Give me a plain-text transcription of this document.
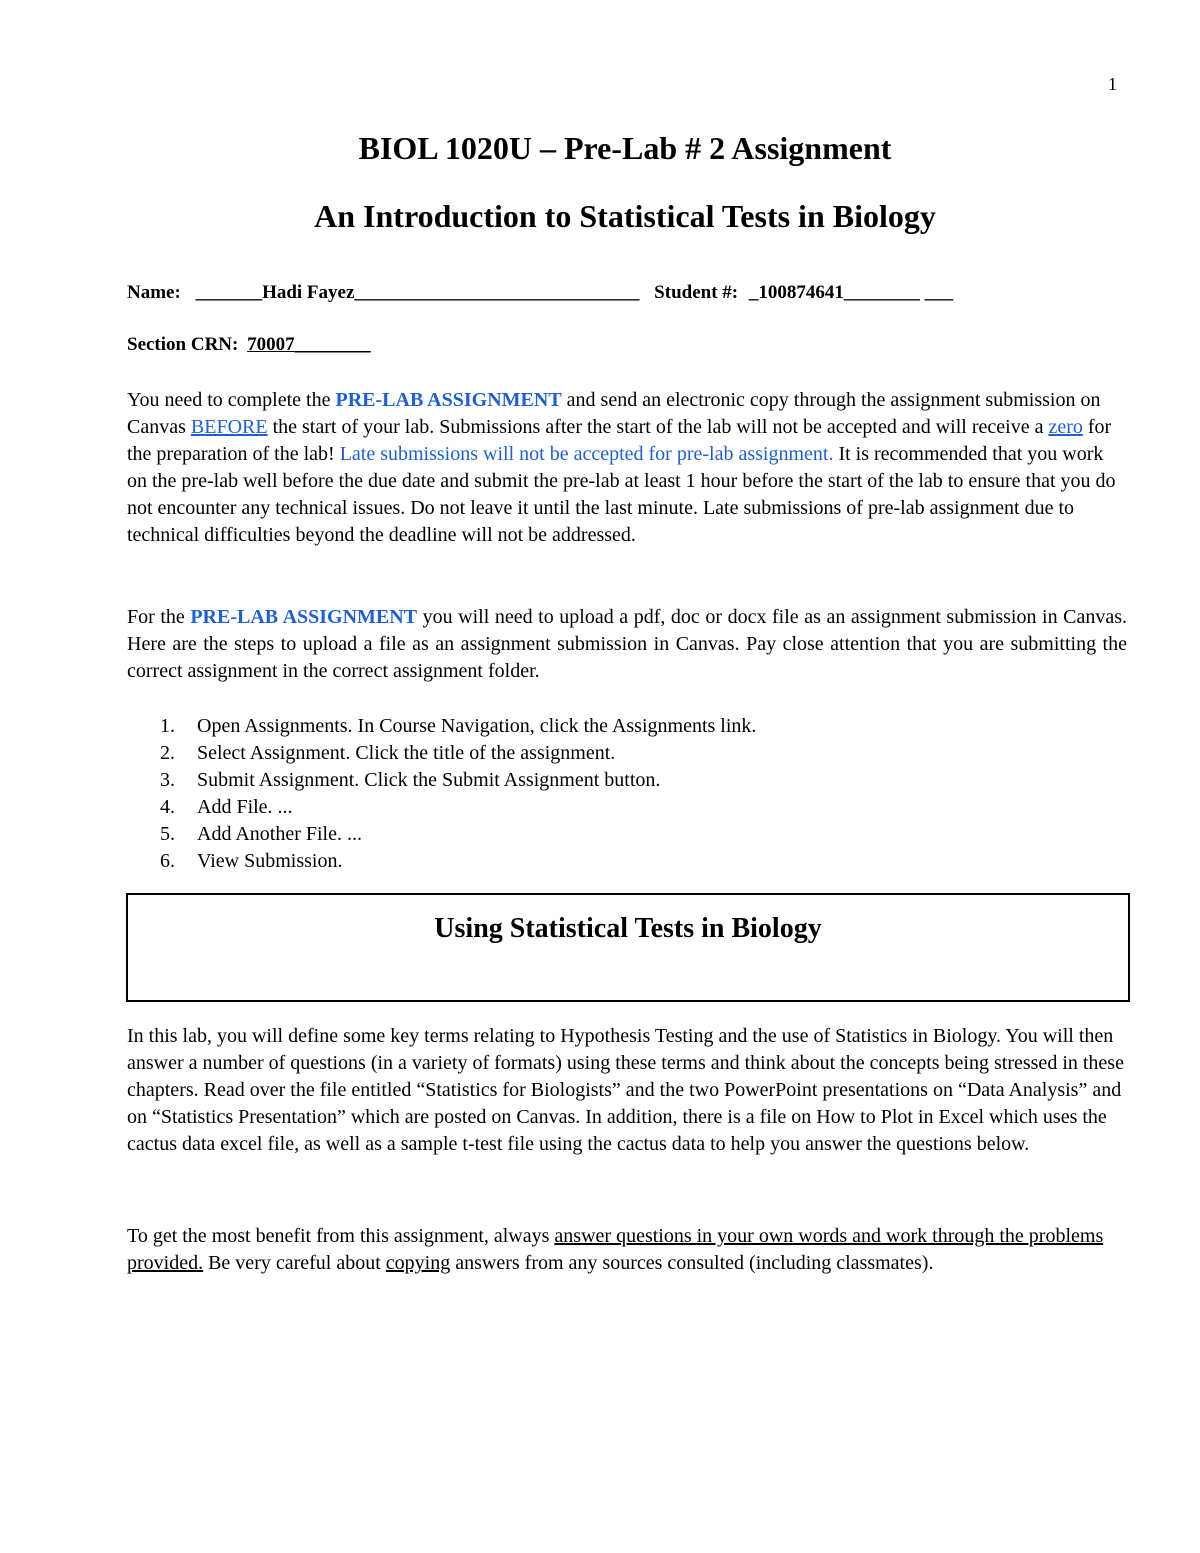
1
BIOL 1020U – Pre-Lab # 2 Assignment
An Introduction to Statistical Tests in Biology
Name: _______Hadi Fayez______________________________ Student #: _100874641________ ___
Section CRN: 70007________
You need to complete the PRE-LAB ASSIGNMENT and send an electronic copy through the assignment submission on Canvas BEFORE the start of your lab. Submissions after the start of the lab will not be accepted and will receive a zero for the preparation of the lab! Late submissions will not be accepted for pre-lab assignment. It is recommended that you work on the pre-lab well before the due date and submit the pre-lab at least 1 hour before the start of the lab to ensure that you do not encounter any technical issues. Do not leave it until the last minute. Late submissions of pre-lab assignment due to technical difficulties beyond the deadline will not be addressed.
For the PRE-LAB ASSIGNMENT you will need to upload a pdf, doc or docx file as an assignment submission in Canvas. Here are the steps to upload a file as an assignment submission in Canvas. Pay close attention that you are submitting the correct assignment in the correct assignment folder.
1. Open Assignments. In Course Navigation, click the Assignments link.
2. Select Assignment. Click the title of the assignment.
3. Submit Assignment. Click the Submit Assignment button.
4. Add File. ...
5. Add Another File. ...
6. View Submission.
Using Statistical Tests in Biology
In this lab, you will define some key terms relating to Hypothesis Testing and the use of Statistics in Biology. You will then answer a number of questions (in a variety of formats) using these terms and think about the concepts being stressed in these chapters. Read over the file entitled “Statistics for Biologists” and the two PowerPoint presentations on “Data Analysis” and on “Statistics Presentation” which are posted on Canvas. In addition, there is a file on How to Plot in Excel which uses the cactus data excel file, as well as a sample t-test file using the cactus data to help you answer the questions below.
To get the most benefit from this assignment, always answer questions in your own words and work through the problems provided. Be very careful about copying answers from any sources consulted (including classmates).
